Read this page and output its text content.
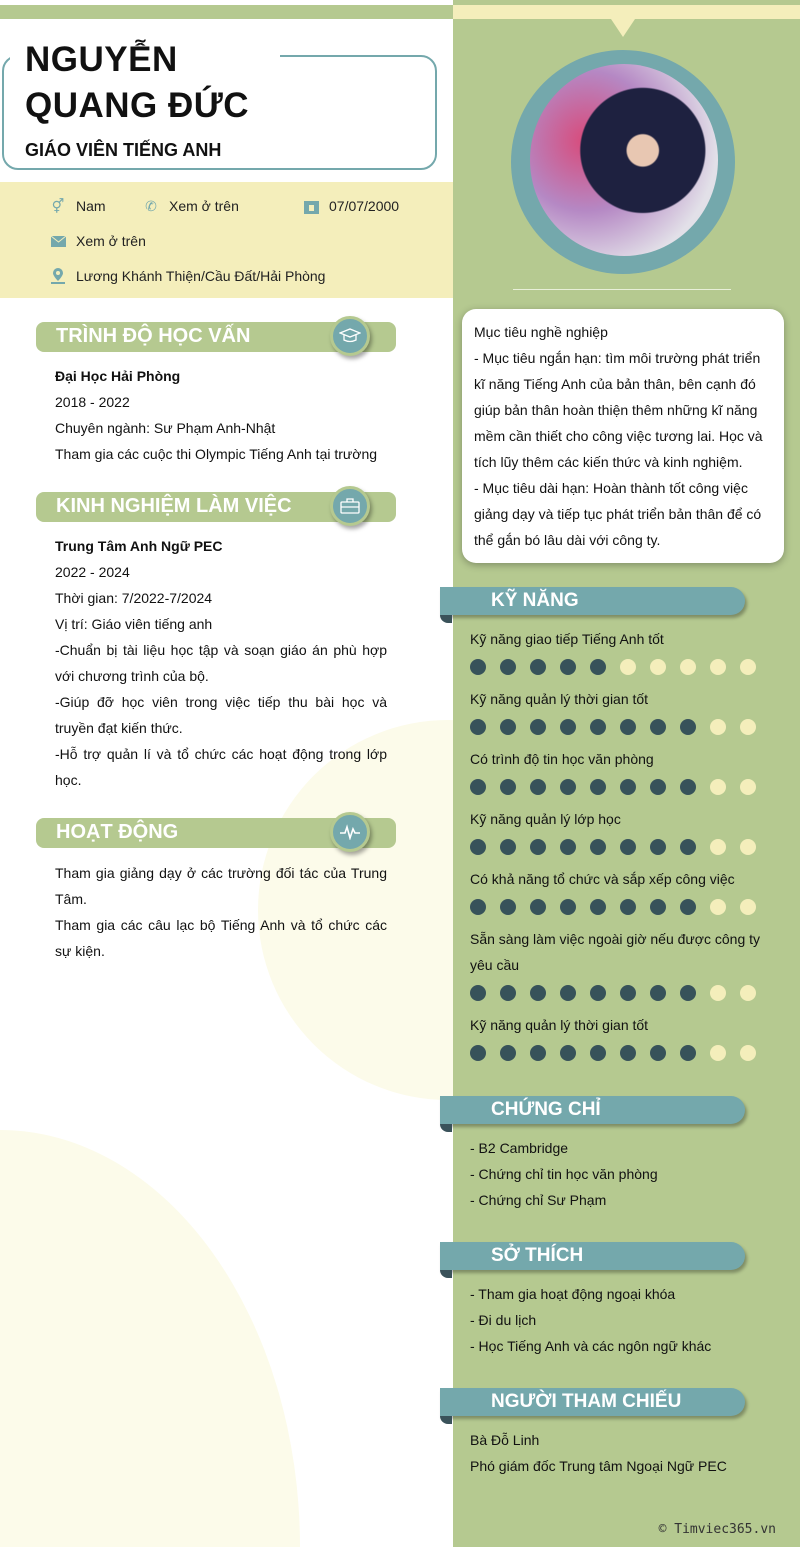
NGUYỄN
QUANG ĐỨC
GIÁO VIÊN TIẾNG ANH
⚥ Nam	✆ Xem ở trên	07/07/2000
Xem ở trên
Lương Khánh Thiện/Cầu Đất/Hải Phòng
TRÌNH ĐỘ HỌC VẤN
Đại Học Hải Phòng
2018 - 2022
Chuyên ngành: Sư Phạm Anh-Nhật
Tham gia các cuộc thi Olympic Tiếng Anh tại trường
KINH NGHIỆM LÀM VIỆC
Trung Tâm Anh Ngữ PEC
2022 - 2024
Thời gian: 7/2022-7/2024
Vị trí: Giáo viên tiếng anh
-Chuẩn bị tài liệu học tập và soạn giáo án phù hợp với chương trình của bộ.
-Giúp đỡ học viên trong việc tiếp thu bài học và truyền đạt kiến thức.
-Hỗ trợ quản lí và tổ chức các hoạt động trong lớp học.
HOẠT ĐỘNG
Tham gia giảng dạy ở các trường đối tác của Trung Tâm.
Tham gia các câu lạc bộ Tiếng Anh và tổ chức các sự kiện.
Mục tiêu nghề nghiệp
- Mục tiêu ngắn hạn: tìm môi trường phát triển kĩ năng Tiếng Anh của bản thân, bên cạnh đó giúp bản thân hoàn thiện thêm những kĩ năng mềm cần thiết cho công việc tương lai. Học và tích lũy thêm các kiến thức và kinh nghiệm.
- Mục tiêu dài hạn: Hoàn thành tốt công việc giảng dạy và tiếp tục phát triển bản thân để có thể gắn bó lâu dài với công ty.
KỸ NĂNG
Kỹ năng giao tiếp Tiếng Anh tốt
Kỹ năng quản lý thời gian tốt
Có trình độ tin học văn phòng
Kỹ năng quản lý lớp học
Có khả năng tổ chức và sắp xếp công việc
Sẵn sàng làm việc ngoài giờ nếu được công ty yêu cầu
Kỹ năng quản lý thời gian tốt
CHỨNG CHỈ
- B2 Cambridge
- Chứng chỉ tin học văn phòng
- Chứng chỉ Sư Phạm
SỞ THÍCH
- Tham gia hoạt động ngoại khóa
- Đi du lịch
- Học Tiếng Anh và các ngôn ngữ khác
NGƯỜI THAM CHIẾU
Bà Đỗ Linh
Phó giám đốc Trung tâm Ngoại Ngữ PEC
© Timviec365.vn
